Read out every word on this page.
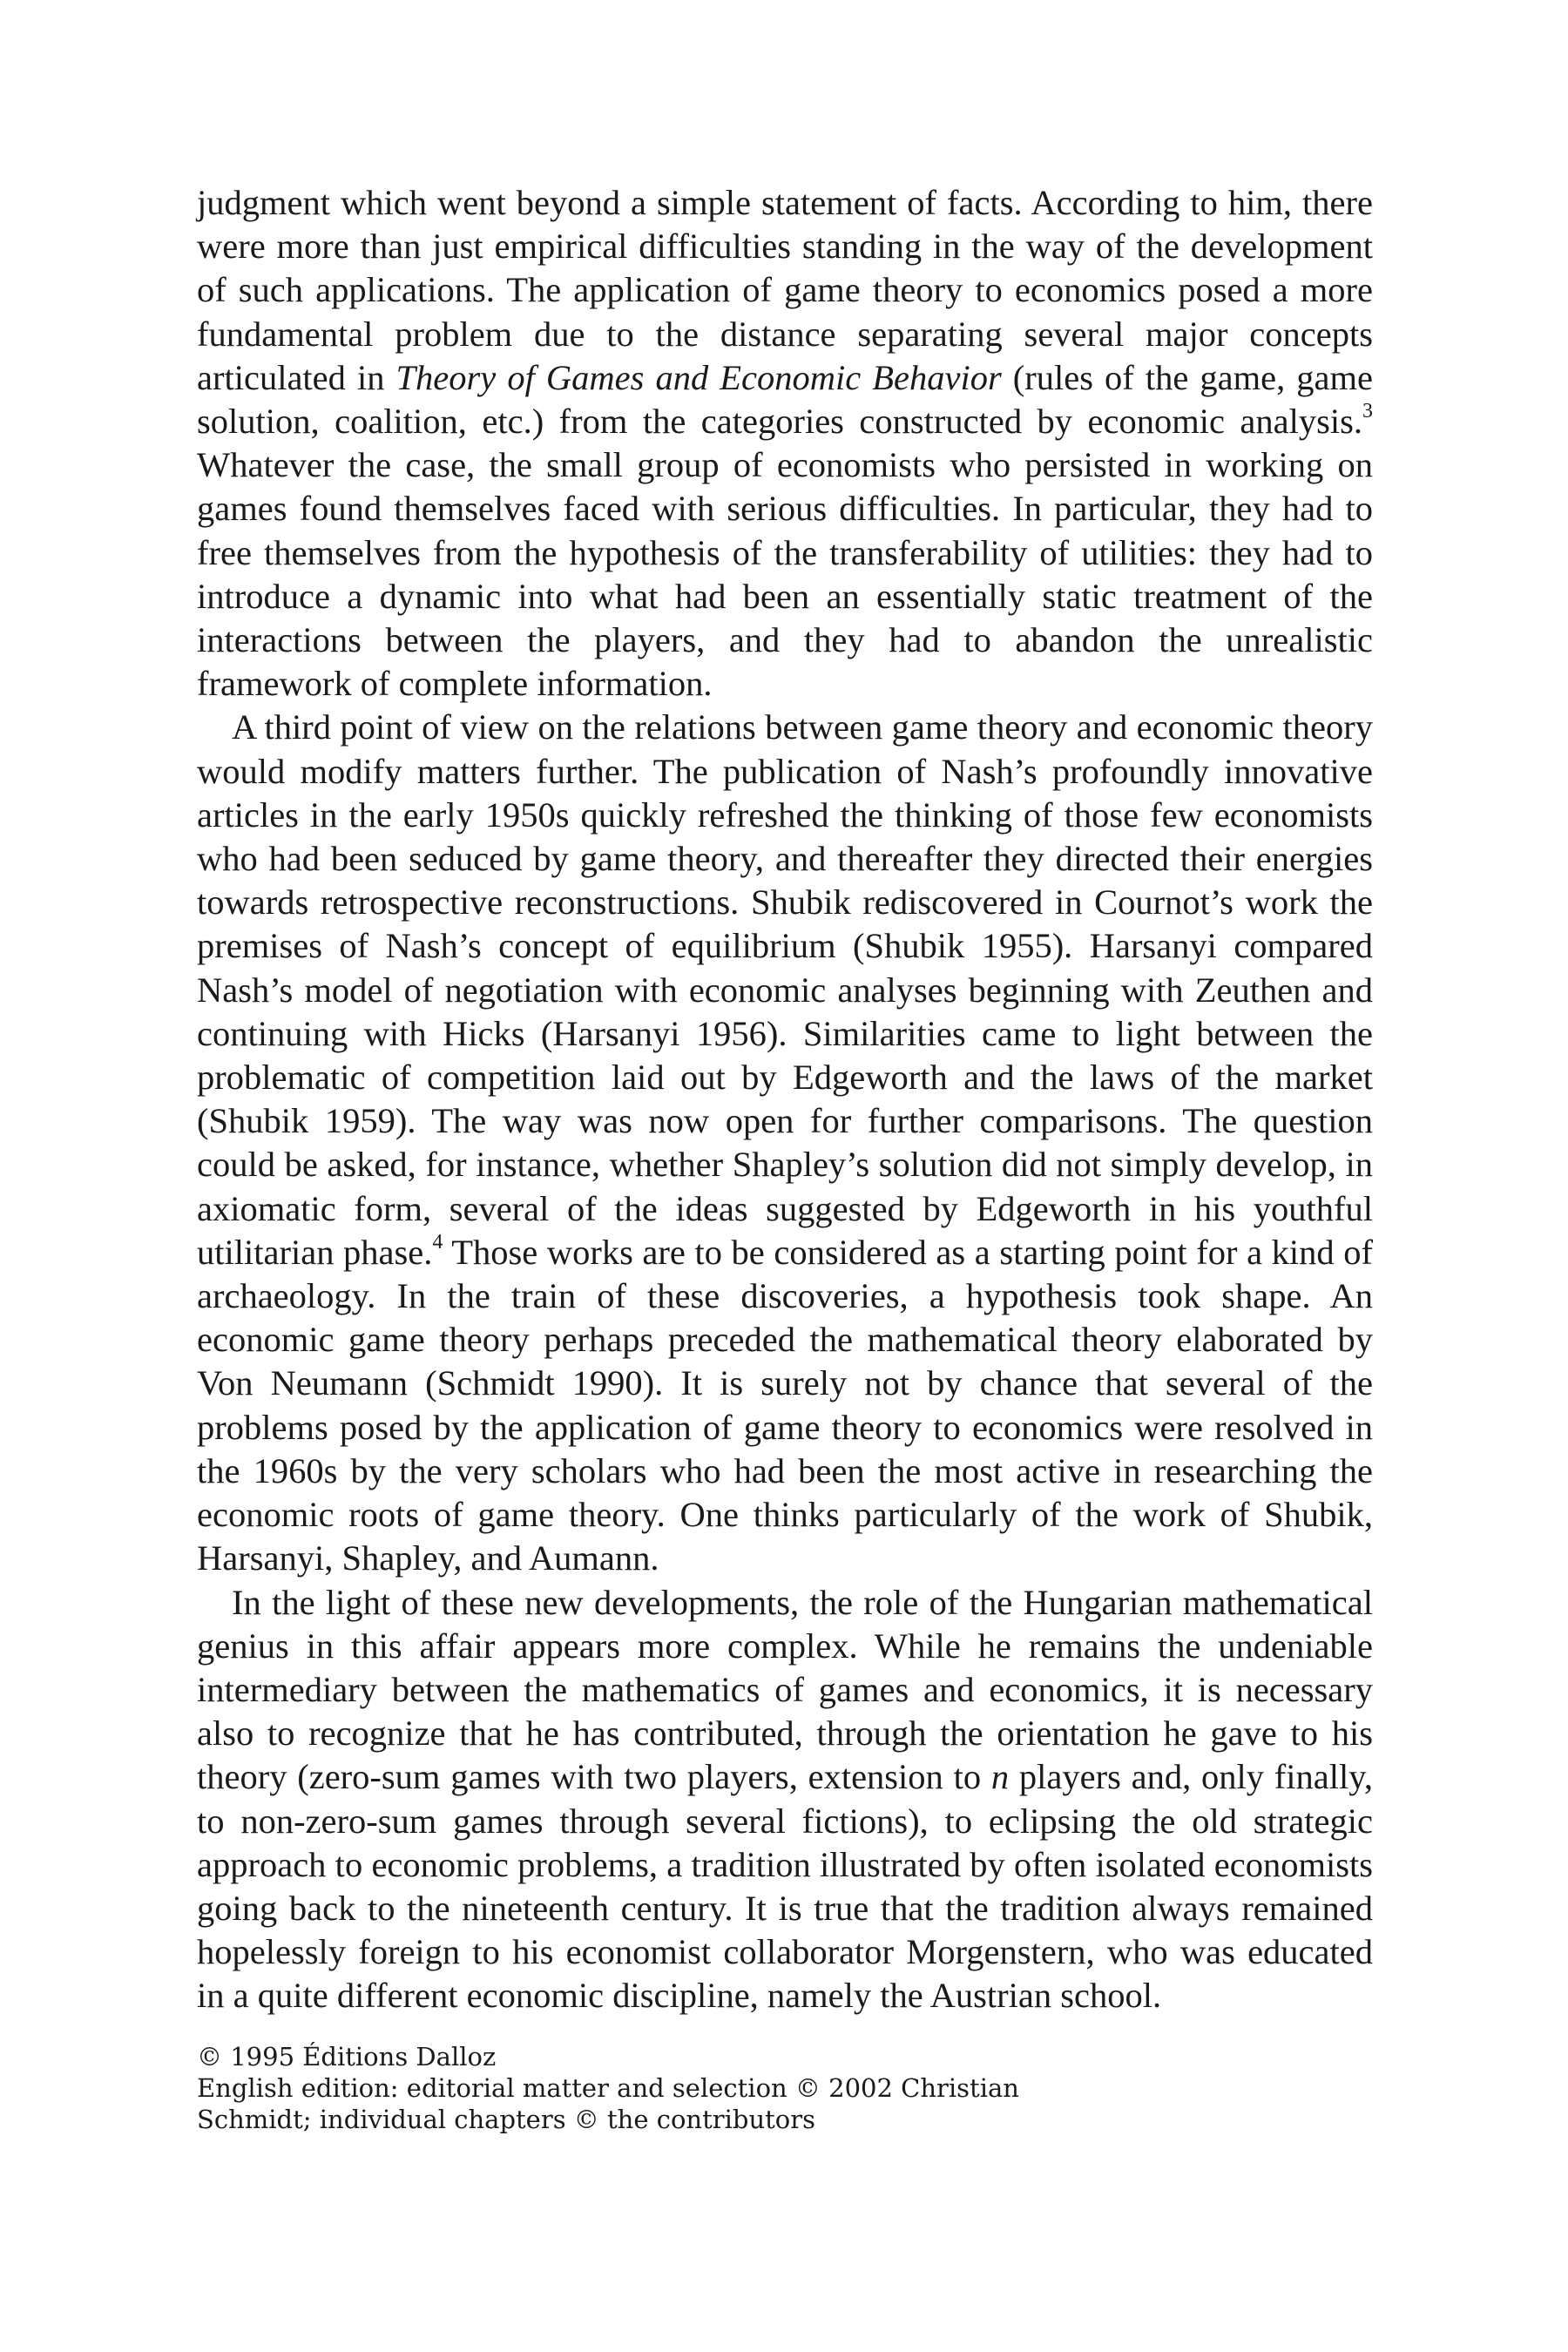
judgment which went beyond a simple statement of facts. According to him, there were more than just empirical difficulties standing in the way of the development of such applications. The application of game theory to economics posed a more fundamental problem due to the distance separating several major concepts articulated in Theory of Games and Economic Behavior (rules of the game, game solution, coalition, etc.) from the categories constructed by economic analysis.$^3$ Whatever the case, the small group of economists who persisted in working on games found themselves faced with serious difficulties. In particular, they had to free themselves from the hypothesis of the transferability of utilities: they had to introduce a dynamic into what had been an essentially static treatment of the interactions between the players, and they had to abandon the unrealistic framework of complete information.

A third point of view on the relations between game theory and economic theory would modify matters further. The publication of Nash’s profoundly innovative articles in the early 1950s quickly refreshed the thinking of those few economists who had been seduced by game theory, and thereafter they directed their energies towards retrospective reconstructions. Shubik rediscovered in Cournot’s work the premises of Nash’s concept of equilibrium (Shubik 1955). Harsanyi compared Nash’s model of negotiation with economic analyses beginning with Zeuthen and continuing with Hicks (Harsanyi 1956). Similarities came to light between the problematic of competition laid out by Edgeworth and the laws of the market (Shubik 1959). The way was now open for further comparisons. The question could be asked, for instance, whether Shapley’s solution did not simply develop, in axiomatic form, several of the ideas suggested by Edgeworth in his youthful utilitarian phase.$^4$ Those works are to be considered as a starting point for a kind of archaeology. In the train of these discoveries, a hypothesis took shape. An economic game theory perhaps preceded the mathematical theory elaborated by Von Neumann (Schmidt 1990). It is surely not by chance that several of the problems posed by the application of game theory to economics were resolved in the 1960s by the very scholars who had been the most active in researching the economic roots of game theory. One thinks particularly of the work of Shubik, Harsanyi, Shapley, and Aumann.

In the light of these new developments, the role of the Hungarian mathematical genius in this affair appears more complex. While he remains the undeniable intermediary between the mathematics of games and economics, it is necessary also to recognize that he has contributed, through the orientation he gave to his theory (zero-sum games with two players, extension to n players and, only finally, to non-zero-sum games through several fictions), to eclipsing the old strategic approach to economic problems, a tradition illustrated by often isolated economists going back to the nineteenth century. It is true that the tradition always remained hopelessly foreign to his economist collaborator Morgenstern, who was educated in a quite different economic discipline, namely the Austrian school.

© 1995 Éditions Dalloz
English edition: editorial matter and selection © 2002 Christian
Schmidt; individual chapters © the contributors
